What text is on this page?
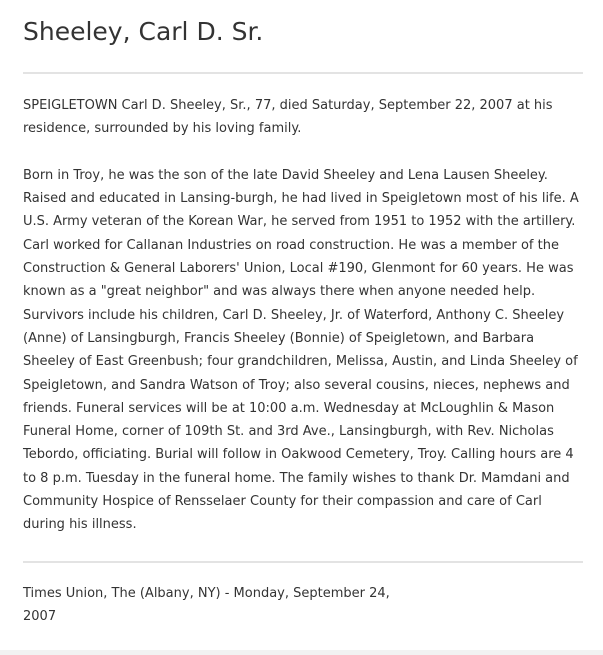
Sheeley, Carl D. Sr.

SPEIGLETOWN Carl D. Sheeley, Sr., 77, died Saturday, September 22, 2007 at his residence, surrounded by his loving family.

Born in Troy, he was the son of the late David Sheeley and Lena Lausen Sheeley. Raised and educated in Lansing-burgh, he had lived in Speigletown most of his life. A U.S. Army veteran of the Korean War, he served from 1951 to 1952 with the artillery. Carl worked for Callanan Industries on road construction. He was a member of the Construction & General Laborers' Union, Local #190, Glenmont for 60 years. He was known as a "great neighbor" and was always there when anyone needed help. Survivors include his children, Carl D. Sheeley, Jr. of Waterford, Anthony C. Sheeley (Anne) of Lansingburgh, Francis Sheeley (Bonnie) of Speigletown, and Barbara Sheeley of East Greenbush; four grandchildren, Melissa, Austin, and Linda Sheeley of Speigletown, and Sandra Watson of Troy; also several cousins, nieces, nephews and friends. Funeral services will be at 10:00 a.m. Wednesday at McLoughlin & Mason Funeral Home, corner of 109th St. and 3rd Ave., Lansingburgh, with Rev. Nicholas Tebordo, officiating. Burial will follow in Oakwood Cemetery, Troy. Calling hours are 4 to 8 p.m. Tuesday in the funeral home. The family wishes to thank Dr. Mamdani and Community Hospice of Rensselaer County for their compassion and care of Carl during his illness.

Times Union, The (Albany, NY) - Monday, September 24, 2007
